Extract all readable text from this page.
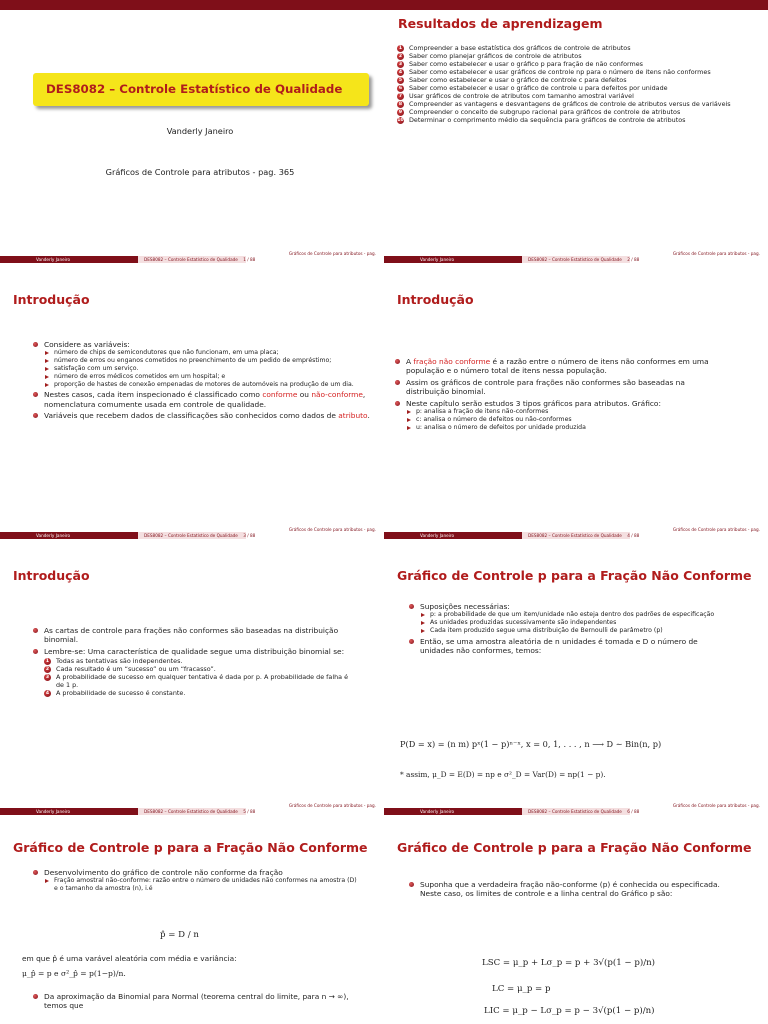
DES8082 – Controle Estatístico de Qualidade
Vanderly Janeiro
Gráficos de Controle para atributos - pag. 365
Gráficos de Controle para atributos - pag.
Vanderly Janeiro	DES8082 – Controle Estatístico de Qualidade 1 / 88
Resultados de aprendizagem
1 Compreender a base estatística dos gráficos de controle de atributos
2 Saber como planejar gráficos de controle de atributos
3 Saber como estabelecer e usar o gráfico p para fração de não conformes
4 Saber como estabelecer e usar gráficos de controle np para o número de itens não conformes
5 Saber como estabelecer e usar o gráfico de controle c para defeitos
6 Saber como estabelecer e usar o gráfico de controle u para defeitos por unidade
7 Usar gráficos de controle de atributos com tamanho amostral variável
8 Compreender as vantagens e desvantagens de gráficos de controle de atributos versus de variáveis
9 Compreender o conceito de subgrupo racional para gráficos de controle de atributos
10 Determinar o comprimento médio da sequência para gráficos de controle de atributos
Gráficos de Controle para atributos - pag.
Vanderly Janeiro	DES8082 – Controle Estatístico de Qualidade 2 / 88
Introdução
Considere as variáveis:
número de chips de semicondutores que não funcionam, em uma placa;
número de erros ou enganos cometidos no preenchimento de um pedido de empréstimo;
satisfação com um serviço.
número de erros médicos cometidos em um hospital; e
proporção de hastes de conexão empenadas de motores de automóveis na produção de um dia.
Nestes casos, cada item inspecionado é classificado como conforme ou não-conforme, nomenclatura comumente usada em controle de qualidade.
Variáveis que recebem dados de classificações são conhecidos como dados de atributo.
Gráficos de Controle para atributos - pag.
Vanderly Janeiro	DES8082 – Controle Estatístico de Qualidade 3 / 88
Introdução
A fração não conforme é a razão entre o número de itens não conformes em uma população e o número total de itens nessa população.
Assim os gráficos de controle para frações não conformes são baseadas na distribuição binomial.
Neste capítulo serão estudos 3 tipos gráficos para atributos. Gráfico:
p: analisa a fração de itens não-conformes
c: analisa o número de defeitos ou não-conformes
u: analisa o número de defeitos por unidade produzida
Gráficos de Controle para atributos - pag.
Vanderly Janeiro	DES8082 – Controle Estatístico de Qualidade 4 / 88
Introdução
As cartas de controle para frações não conformes são baseadas na distribuição binomial.
Lembre-se: Uma característica de qualidade segue uma distribuição binomial se:
1 Todas as tentativas são independentes.
2 Cada resultado é um “sucesso” ou um “fracasso”.
3 A probabilidade de sucesso em qualquer tentativa é dada por p. A probabilidade de falha é de 1 p.
4 A probabilidade de sucesso é constante.
Gráficos de Controle para atributos - pag.
Vanderly Janeiro	DES8082 – Controle Estatístico de Qualidade 5 / 88
Gráfico de Controle p para a Fração Não Conforme
Suposições necessárias:
p: a probabilidade de que um item/unidade não esteja dentro dos padrões de especificação
As unidades produzidas sucessivamente são independentes
Cada item produzido segue uma distribuição de Bernoulli de parâmetro (p)
Então, se uma amostra aleatória de n unidades é tomada e D o número de unidades não conformes, temos:
P(D = x) = (n m) pˣ(1 − p)ⁿ⁻ˣ, x = 0, 1, . . . , n ⟶ D ∼ Bin(n, p)
* assim, μ_D = E(D) = np e σ²_D = Var(D) = np(1 − p).
Gráficos de Controle para atributos - pag.
Vanderly Janeiro	DES8082 – Controle Estatístico de Qualidade 6 / 88
Gráfico de Controle p para a Fração Não Conforme
Desenvolvimento do gráfico de controle não conforme da fração
Fração amostral não-conforme: razão entre o número de unidades não conformes na amostra (D) e o tamanho da amostra (n), i.é
p̂ = D / n
em que p̂ é uma varável aleatória com média e variância:
μ_p̂ = p e σ²_p̂ = p(1−p)/n.
Da aproximação da Binomial para Normal (teorema central do limite, para n → ∞), temos que
Gráfico de Controle p para a Fração Não Conforme
Suponha que a verdadeira fração não-conforme (p) é conhecida ou especificada. Neste caso, os limites de controle e a linha central do Gráfico p são:
LSC = μ_p + Lσ_p = p + 3√(p(1 − p)/n)
LC = μ_p = p
LIC = μ_p − Lσ_p = p − 3√(p(1 − p)/n)
